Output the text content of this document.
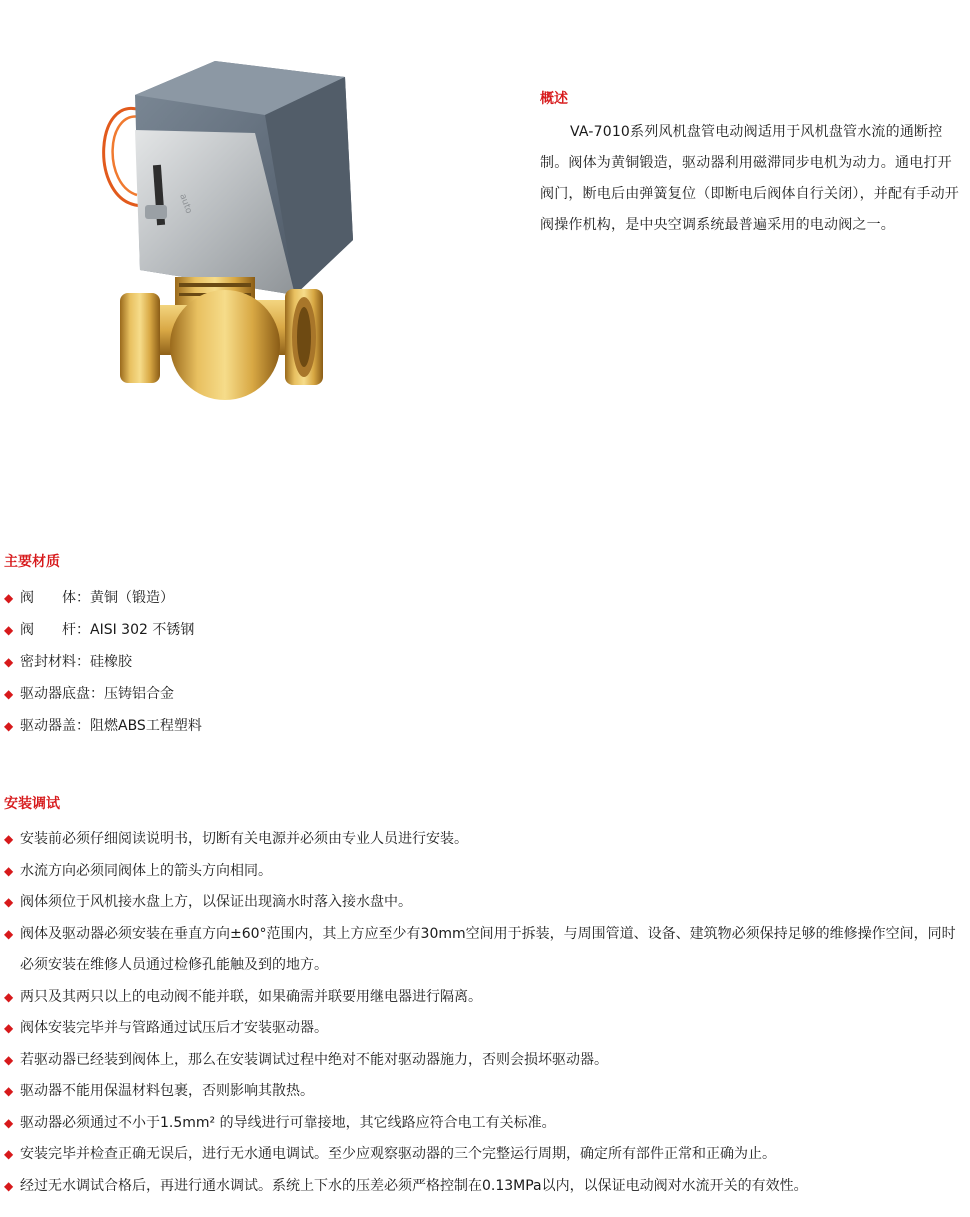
auto
概述

VA-7010系列风机盘管电动阀适用于风机盘管水流的通断控制。阀体为黄铜锻造，驱动器利用磁滞同步电机为动力。通电打开阀门，断电后由弹簧复位（即断电后阀体自行关闭），并配有手动开阀操作机构，是中央空调系统最普遍采用的电动阀之一。

主要材质
◆ 阀　　体：黄铜（锻造）
◆ 阀　　杆：AISI 302 不锈钢
◆ 密封材料：硅橡胶
◆ 驱动器底盘：压铸铝合金
◆ 驱动器盖：阻燃ABS工程塑料
安装调试
◆ 安装前必须仔细阅读说明书，切断有关电源并必须由专业人员进行安装。
◆ 水流方向必须同阀体上的箭头方向相同。
◆ 阀体须位于风机接水盘上方，以保证出现滴水时落入接水盘中。
◆ 阀体及驱动器必须安装在垂直方向±60°范围内，其上方应至少有30mm空间用于拆装，与周围管道、设备、建筑物必须保持足够的维修操作空间，同时必须安装在维修人员通过检修孔能触及到的地方。
◆ 两只及其两只以上的电动阀不能并联，如果确需并联要用继电器进行隔离。
◆ 阀体安装完毕并与管路通过试压后才安装驱动器。
◆ 若驱动器已经装到阀体上，那么在安装调试过程中绝对不能对驱动器施力，否则会损坏驱动器。
◆ 驱动器不能用保温材料包裹，否则影响其散热。
◆ 驱动器必须通过不小于1.5mm² 的导线进行可靠接地，其它线路应符合电工有关标准。
◆ 安装完毕并检查正确无误后，进行无水通电调试。至少应观察驱动器的三个完整运行周期，确定所有部件正常和正确为止。
◆ 经过无水调试合格后，再进行通水调试。系统上下水的压差必须严格控制在0.13MPa以内，以保证电动阀对水流开关的有效性。
